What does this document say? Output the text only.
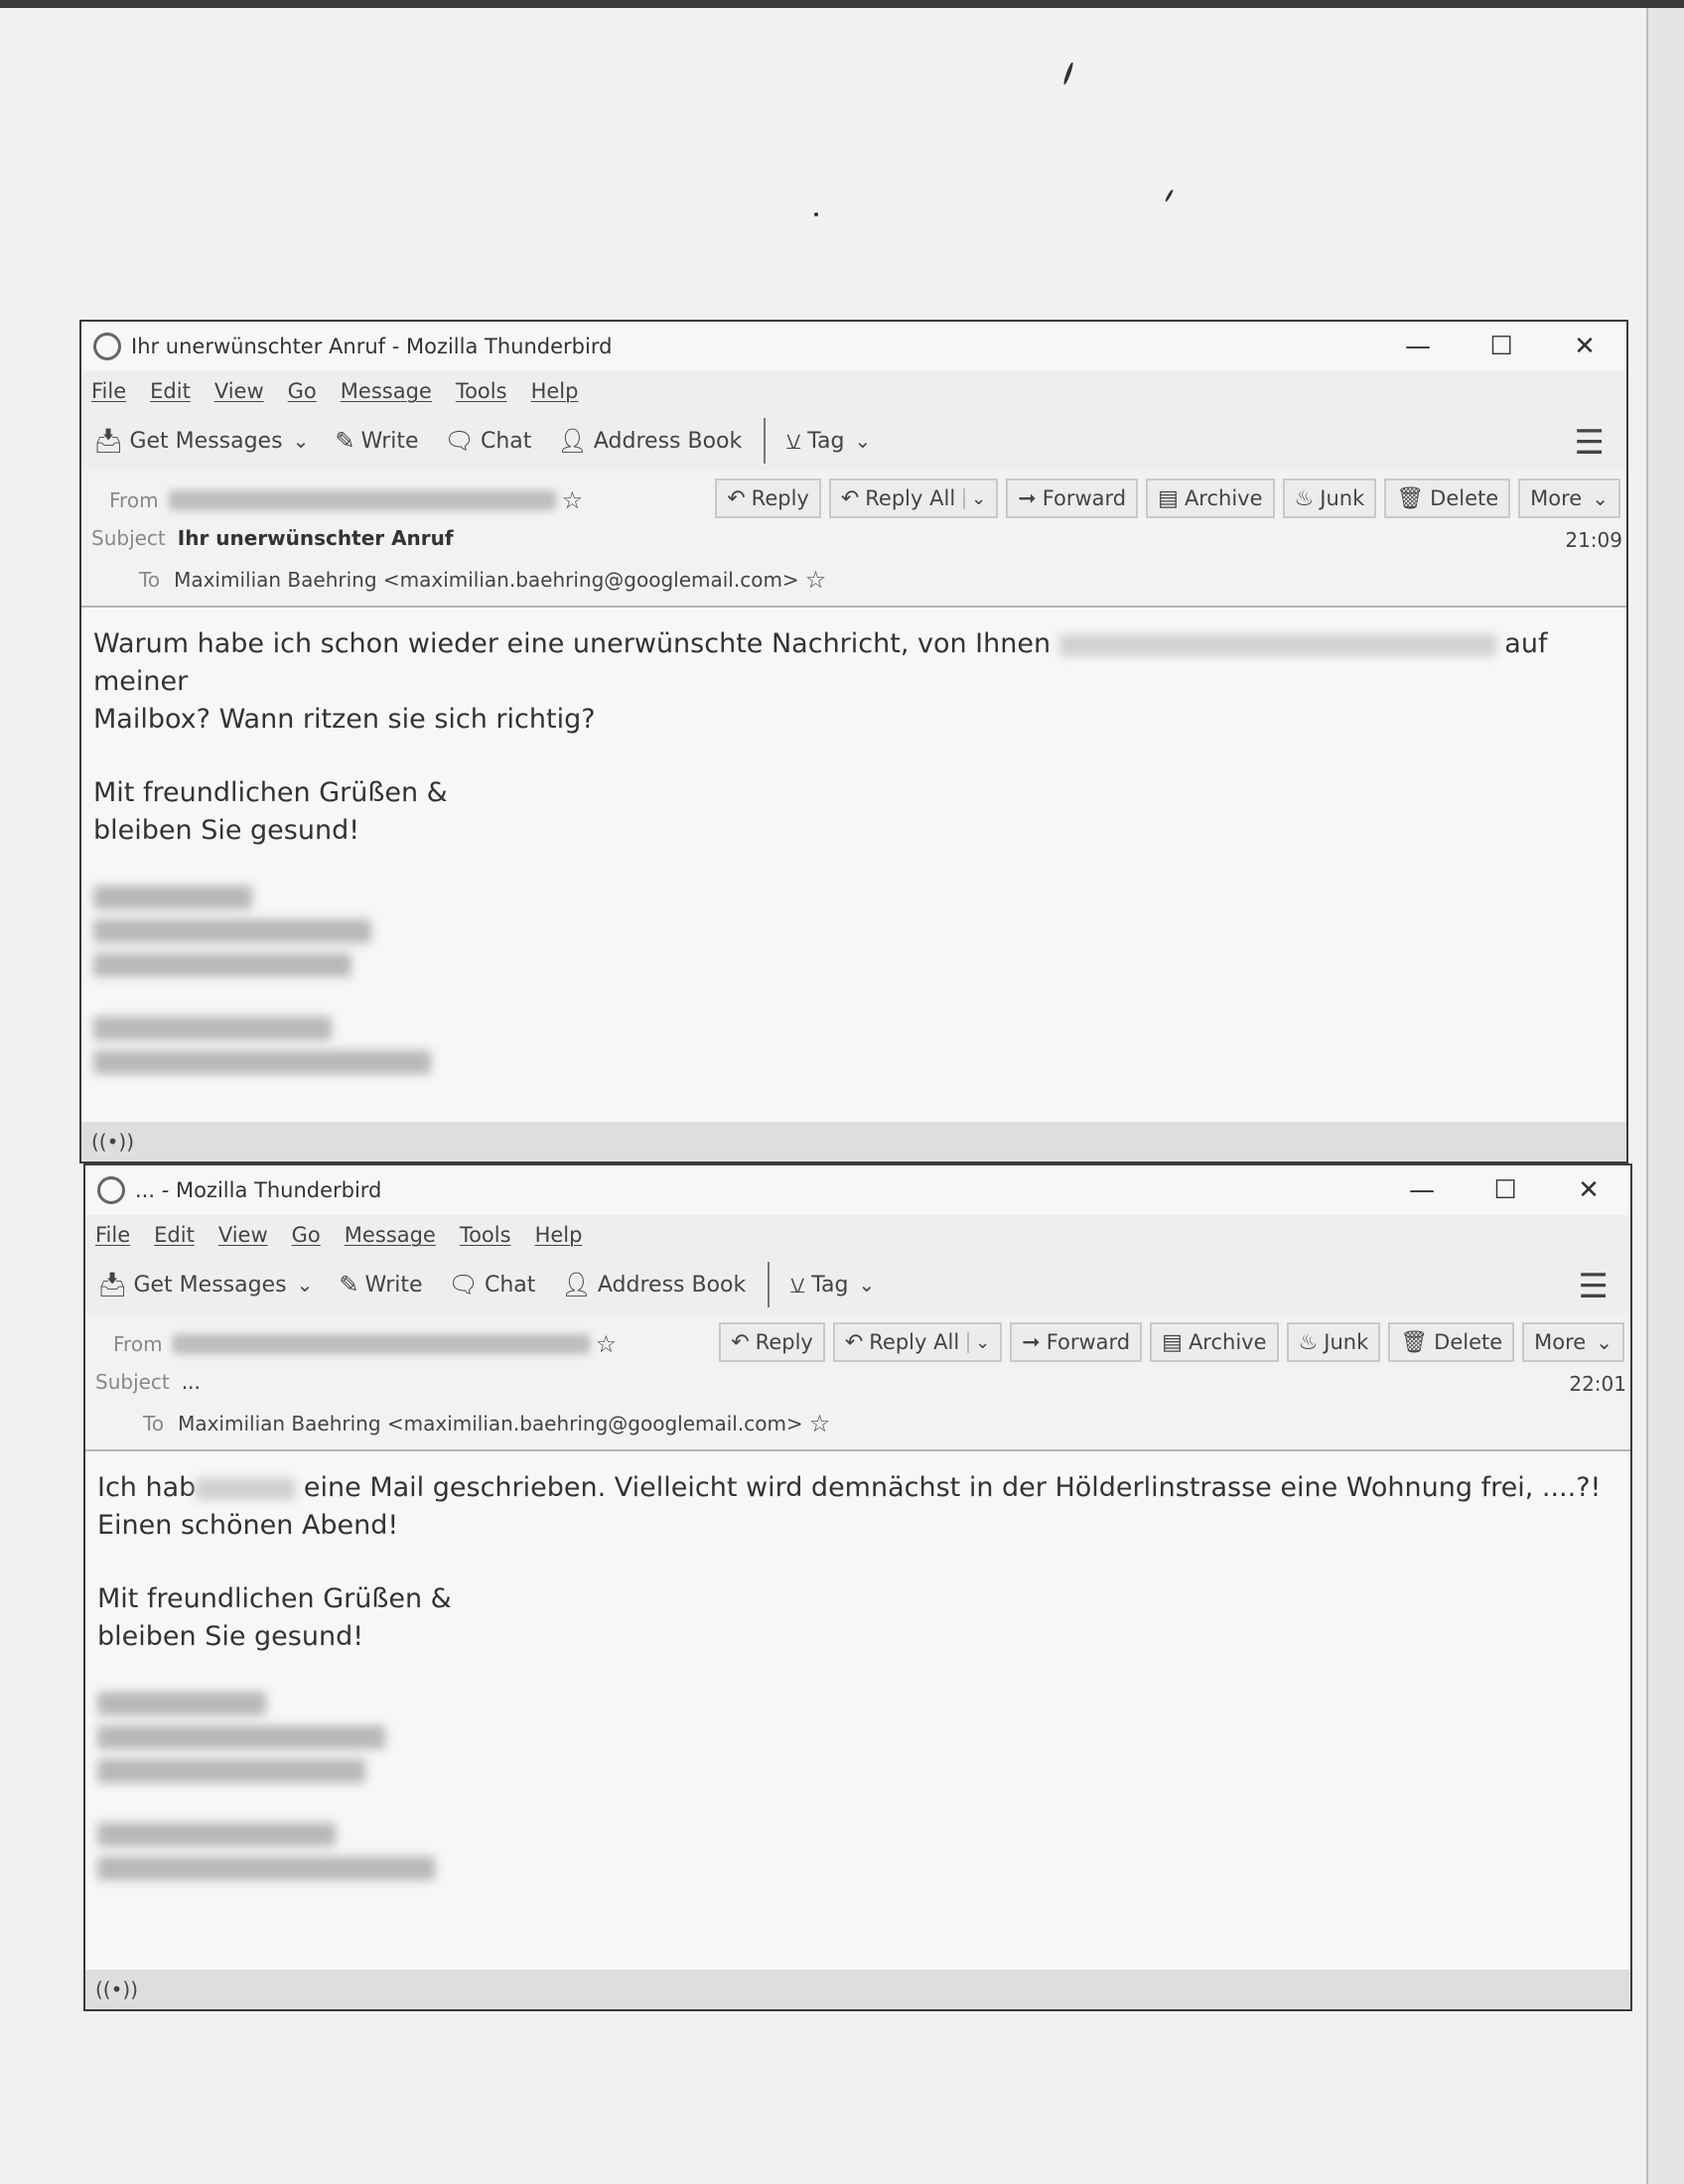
Ihr unerwünschter Anruf - Mozilla Thunderbird	—	☐	✕
File Edit View Go Message Tools Help
📥︎ Get Messages ⌄ ✎ Write 🗨︎ Chat 👤︎ Address Book ⚺ Tag ⌄	☰
From	☆	↶ Reply ↶ Reply All ⌄ ➞ Forward ▤ Archive ♨ Junk 🗑︎ Delete More ⌄
Subject Ihr unerwünschter Anruf	21:09
To Maximilian Baehring <maximilian.baehring@googlemail.com> ☆

Warum habe ich schon wieder eine unerwünschte Nachricht, von Ihnen	auf meiner

Mailbox? Wann ritzen sie sich richtig?

Mit freundlichen Grüßen &

bleiben Sie gesund!

((•))
... - Mozilla Thunderbird	—	☐	✕
File Edit View Go Message Tools Help
📥︎ Get Messages ⌄ ✎ Write 🗨︎ Chat 👤︎ Address Book ⚺ Tag ⌄	☰
From	☆	↶ Reply ↶ Reply All ⌄ ➞ Forward ▤ Archive ♨ Junk 🗑︎ Delete More ⌄
Subject ...	22:01
To Maximilian Baehring <maximilian.baehring@googlemail.com> ☆

Ich hab	eine Mail geschrieben. Vielleicht wird demnächst in der Hölderlinstrasse eine Wohnung frei, ....?!

Einen schönen Abend!

Mit freundlichen Grüßen &

bleiben Sie gesund!

((•))
